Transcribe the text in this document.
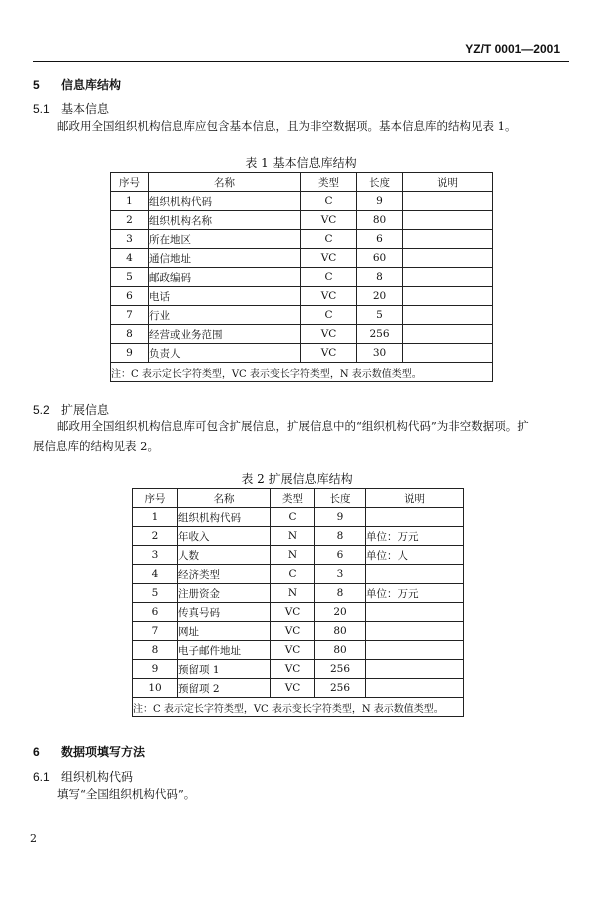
YZ/T 0001—2001
5 信息库结构
5.1 基本信息
邮政用全国组织机构信息库应包含基本信息，且为非空数据项。基本信息库的结构见表 1。
表 1 基本信息库结构
序号	名称	类型	长度	说明
1	组织机构代码	C	9	
2	组织机构名称	VC	80	
3	所在地区	C	6	
4	通信地址	VC	60	
5	邮政编码	C	8	
6	电话	VC	20	
7	行业	C	5	
8	经营或业务范围	VC	256	
9	负责人	VC	30	
注：C 表示定长字符类型，VC 表示变长字符类型，N 表示数值类型。				
5.2 扩展信息
邮政用全国组织机构信息库可包含扩展信息，扩展信息中的“组织机构代码”为非空数据项。扩
展信息库的结构见表 2。
表 2 扩展信息库结构
序号	名称	类型	长度	说明
1	组织机构代码	C	9	
2	年收入	N	8	单位：万元
3	人数	N	6	单位：人
4	经济类型	C	3	
5	注册资金	N	8	单位：万元
6	传真号码	VC	20	
7	网址	VC	80	
8	电子邮件地址	VC	80	
9	预留项 1	VC	256	
10	预留项 2	VC	256	
注：C 表示定长字符类型，VC 表示变长字符类型，N 表示数值类型。				
6 数据项填写方法
6.1 组织机构代码
填写“全国组织机构代码”。
2
